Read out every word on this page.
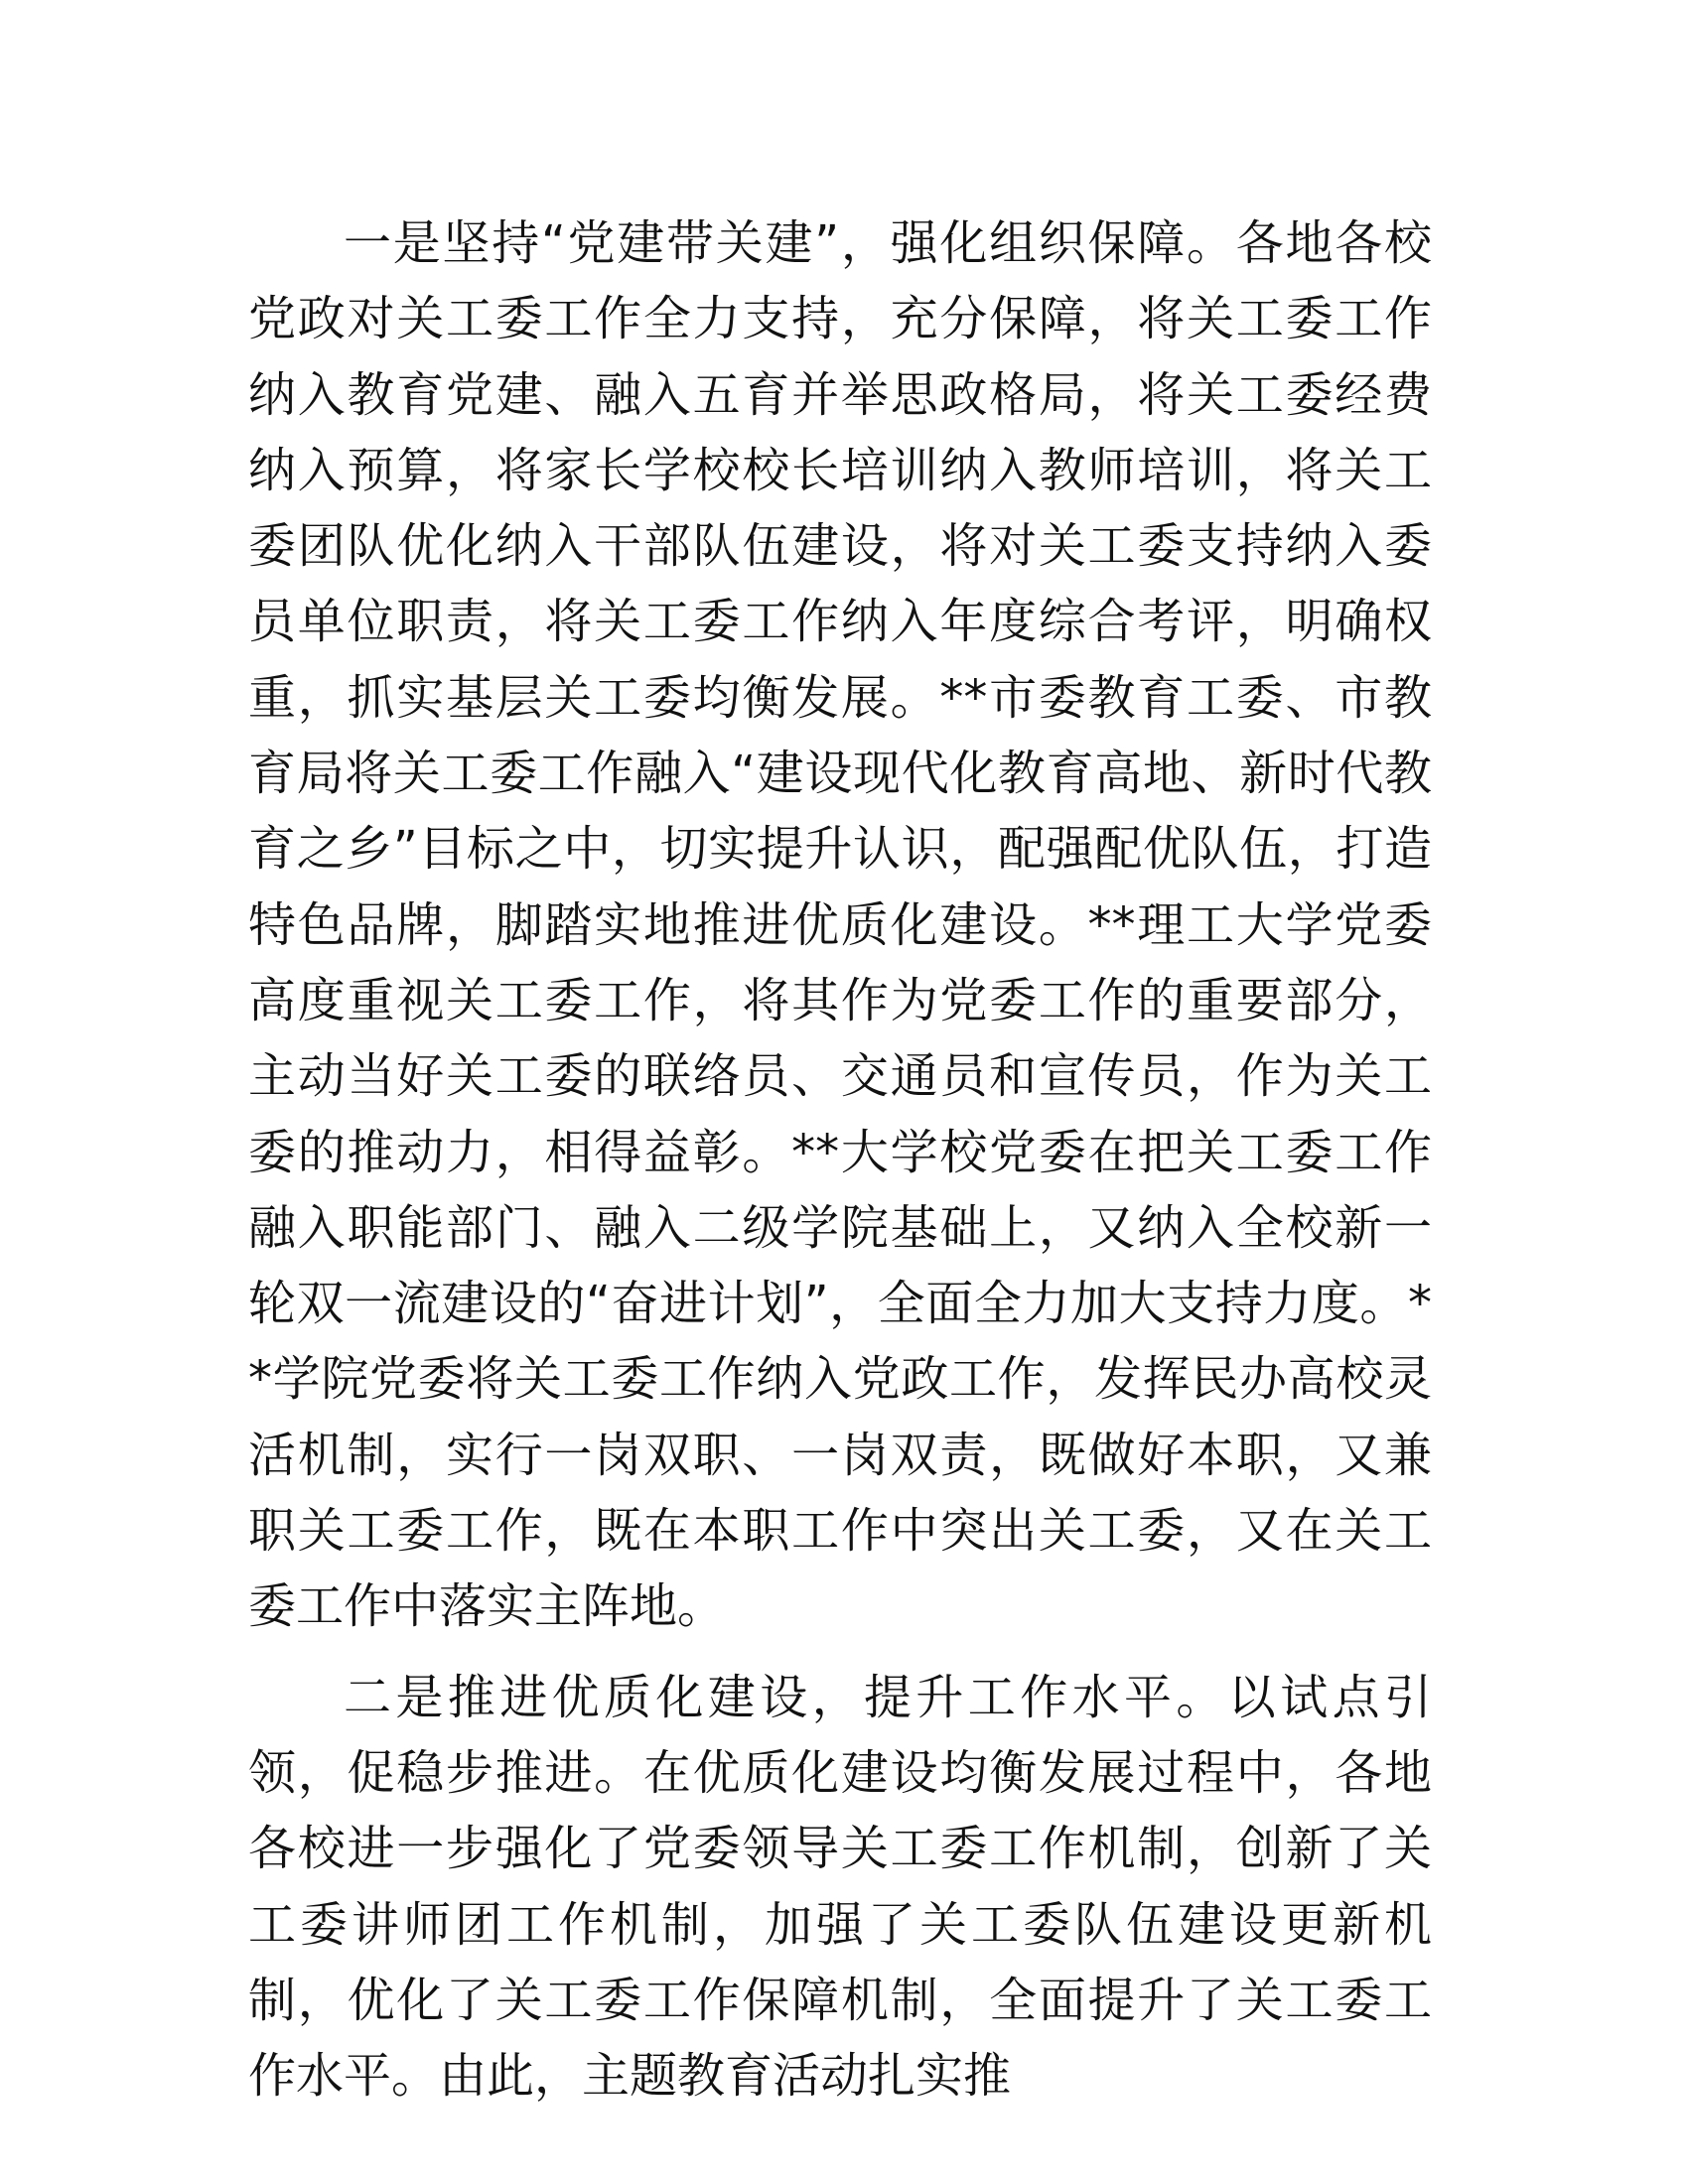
一是坚持“党建带关建”，强化组织保障。各地各校党政对关工委工作全力支持，充分保障，将关工委工作纳入教育党建、融入五育并举思政格局，将关工委经费纳入预算，将家长学校校长培训纳入教师培训，将关工委团队优化纳入干部队伍建设，将对关工委支持纳入委员单位职责，将关工委工作纳入年度综合考评，明确权重，抓实基层关工委均衡发展。**市委教育工委、市教育局将关工委工作融入“建设现代化教育高地、新时代教育之乡”目标之中，切实提升认识，配强配优队伍，打造特色品牌，脚踏实地推进优质化建设。**理工大学党委高度重视关工委工作，将其作为党委工作的重要部分，主动当好关工委的联络员、交通员和宣传员，作为关工委的推动力，相得益彰。**大学校党委在把关工委工作融入职能部门、融入二级学院基础上，又纳入全校新一轮双一流建设的“奋进计划”，全面全力加大支持力度。**学院党委将关工委工作纳入党政工作，发挥民办高校灵活机制，实行一岗双职、一岗双责，既做好本职，又兼职关工委工作，既在本职工作中突出关工委，又在关工委工作中落实主阵地。

二是推进优质化建设，提升工作水平。以试点引领，促稳步推进。在优质化建设均衡发展过程中，各地各校进一步强化了党委领导关工委工作机制，创新了关工委讲师团工作机制，加强了关工委队伍建设更新机制，优化了关工委工作保障机制，全面提升了关工委工作水平。由此，主题教育活动扎实推
